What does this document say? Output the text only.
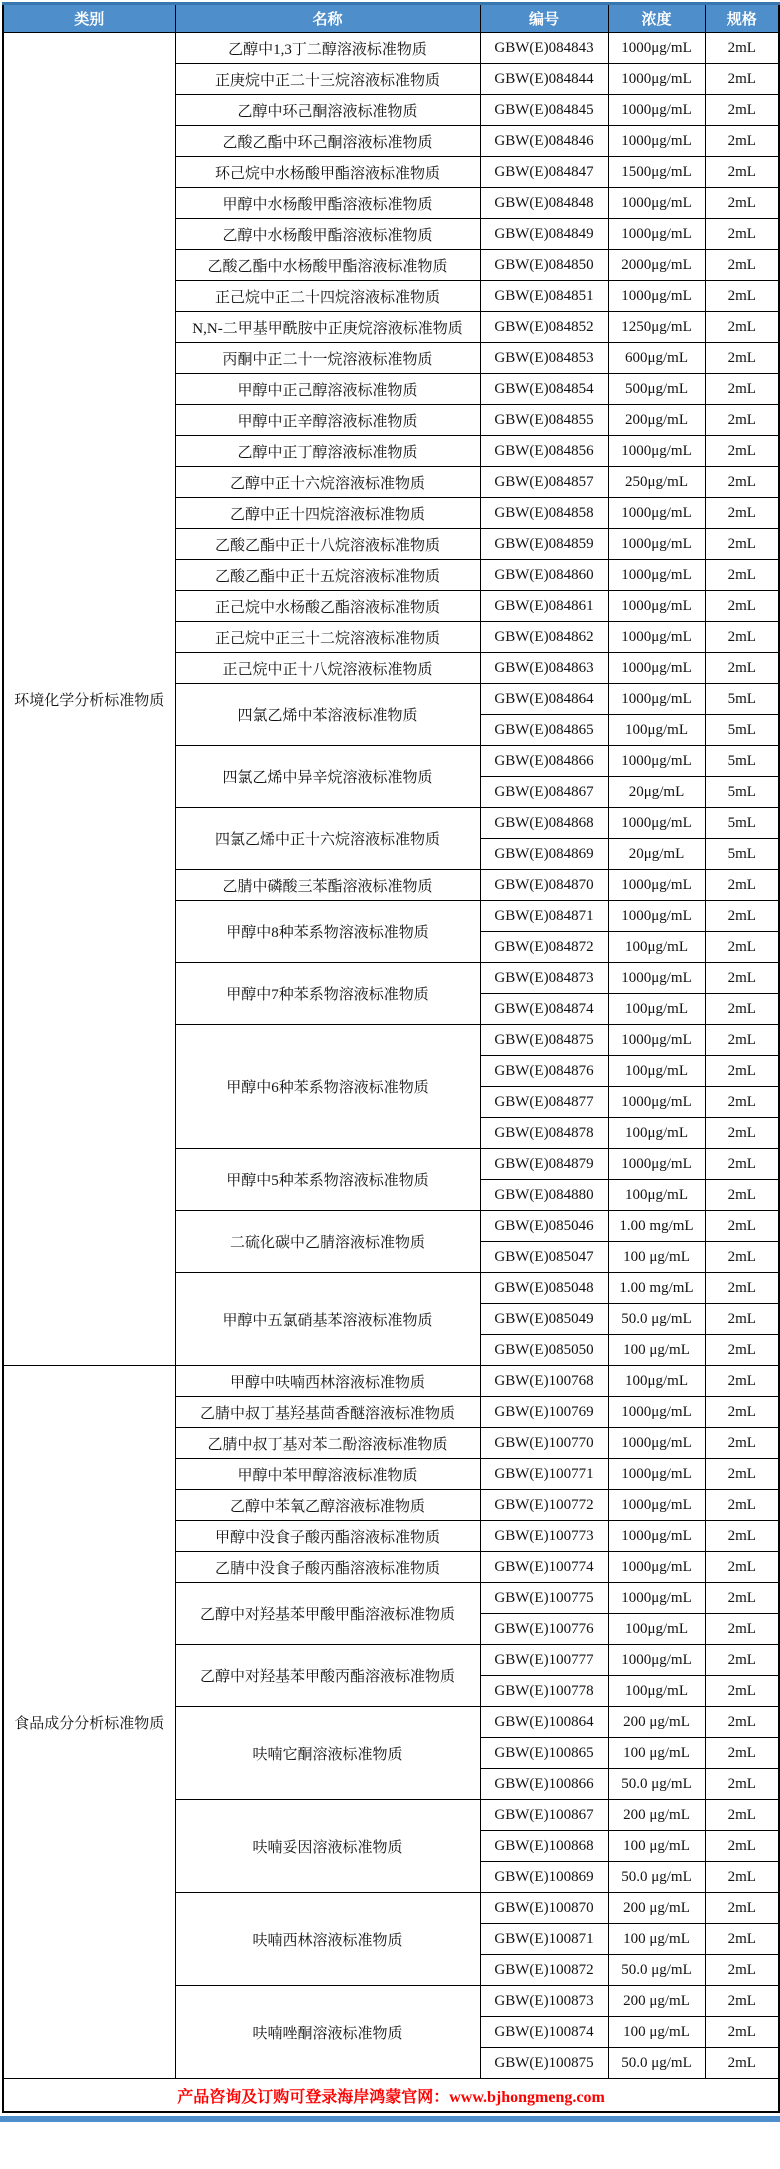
类别	名称	编号	浓度	规格
环境化学分析标准物质	乙醇中1,3丁二醇溶液标准物质	GBW(E)084843	1000μg/mL	2mL
	正庚烷中正二十三烷溶液标准物质	GBW(E)084844	1000μg/mL	2mL
	乙醇中环己酮溶液标准物质	GBW(E)084845	1000μg/mL	2mL
	乙酸乙酯中环己酮溶液标准物质	GBW(E)084846	1000μg/mL	2mL
	环己烷中水杨酸甲酯溶液标准物质	GBW(E)084847	1500μg/mL	2mL
	甲醇中水杨酸甲酯溶液标准物质	GBW(E)084848	1000μg/mL	2mL
	乙醇中水杨酸甲酯溶液标准物质	GBW(E)084849	1000μg/mL	2mL
	乙酸乙酯中水杨酸甲酯溶液标准物质	GBW(E)084850	2000μg/mL	2mL
	正己烷中正二十四烷溶液标准物质	GBW(E)084851	1000μg/mL	2mL
	N,N-二甲基甲酰胺中正庚烷溶液标准物质	GBW(E)084852	1250μg/mL	2mL
	丙酮中正二十一烷溶液标准物质	GBW(E)084853	600μg/mL	2mL
	甲醇中正己醇溶液标准物质	GBW(E)084854	500μg/mL	2mL
	甲醇中正辛醇溶液标准物质	GBW(E)084855	200μg/mL	2mL
	乙醇中正丁醇溶液标准物质	GBW(E)084856	1000μg/mL	2mL
	乙醇中正十六烷溶液标准物质	GBW(E)084857	250μg/mL	2mL
	乙醇中正十四烷溶液标准物质	GBW(E)084858	1000μg/mL	2mL
	乙酸乙酯中正十八烷溶液标准物质	GBW(E)084859	1000μg/mL	2mL
	乙酸乙酯中正十五烷溶液标准物质	GBW(E)084860	1000μg/mL	2mL
	正己烷中水杨酸乙酯溶液标准物质	GBW(E)084861	1000μg/mL	2mL
	正己烷中正三十二烷溶液标准物质	GBW(E)084862	1000μg/mL	2mL
	正己烷中正十八烷溶液标准物质	GBW(E)084863	1000μg/mL	2mL
	四氯乙烯中苯溶液标准物质	GBW(E)084864	1000μg/mL	5mL
		GBW(E)084865	100μg/mL	5mL
	四氯乙烯中异辛烷溶液标准物质	GBW(E)084866	1000μg/mL	5mL
		GBW(E)084867	20μg/mL	5mL
	四氯乙烯中正十六烷溶液标准物质	GBW(E)084868	1000μg/mL	5mL
		GBW(E)084869	20μg/mL	5mL
	乙腈中磷酸三苯酯溶液标准物质	GBW(E)084870	1000μg/mL	2mL
	甲醇中8种苯系物溶液标准物质	GBW(E)084871	1000μg/mL	2mL
		GBW(E)084872	100μg/mL	2mL
	甲醇中7种苯系物溶液标准物质	GBW(E)084873	1000μg/mL	2mL
		GBW(E)084874	100μg/mL	2mL
	甲醇中6种苯系物溶液标准物质	GBW(E)084875	1000μg/mL	2mL
		GBW(E)084876	100μg/mL	2mL
		GBW(E)084877	1000μg/mL	2mL
		GBW(E)084878	100μg/mL	2mL
	甲醇中5种苯系物溶液标准物质	GBW(E)084879	1000μg/mL	2mL
		GBW(E)084880	100μg/mL	2mL
	二硫化碳中乙腈溶液标准物质	GBW(E)085046	1.00 mg/mL	2mL
		GBW(E)085047	100 μg/mL	2mL
	甲醇中五氯硝基苯溶液标准物质	GBW(E)085048	1.00 mg/mL	2mL
		GBW(E)085049	50.0 μg/mL	2mL
		GBW(E)085050	100 μg/mL	2mL
食品成分分析标准物质	甲醇中呋喃西林溶液标准物质	GBW(E)100768	100μg/mL	2mL
	乙腈中叔丁基羟基茴香醚溶液标准物质	GBW(E)100769	1000μg/mL	2mL
	乙腈中叔丁基对苯二酚溶液标准物质	GBW(E)100770	1000μg/mL	2mL
	甲醇中苯甲醇溶液标准物质	GBW(E)100771	1000μg/mL	2mL
	乙醇中苯氧乙醇溶液标准物质	GBW(E)100772	1000μg/mL	2mL
	甲醇中没食子酸丙酯溶液标准物质	GBW(E)100773	1000μg/mL	2mL
	乙腈中没食子酸丙酯溶液标准物质	GBW(E)100774	1000μg/mL	2mL
	乙醇中对羟基苯甲酸甲酯溶液标准物质	GBW(E)100775	1000μg/mL	2mL
		GBW(E)100776	100μg/mL	2mL
	乙醇中对羟基苯甲酸丙酯溶液标准物质	GBW(E)100777	1000μg/mL	2mL
		GBW(E)100778	100μg/mL	2mL
	呋喃它酮溶液标准物质	GBW(E)100864	200 μg/mL	2mL
		GBW(E)100865	100 μg/mL	2mL
		GBW(E)100866	50.0 μg/mL	2mL
	呋喃妥因溶液标准物质	GBW(E)100867	200 μg/mL	2mL
		GBW(E)100868	100 μg/mL	2mL
		GBW(E)100869	50.0 μg/mL	2mL
	呋喃西林溶液标准物质	GBW(E)100870	200 μg/mL	2mL
		GBW(E)100871	100 μg/mL	2mL
		GBW(E)100872	50.0 μg/mL	2mL
	呋喃唑酮溶液标准物质	GBW(E)100873	200 μg/mL	2mL
		GBW(E)100874	100 μg/mL	2mL
		GBW(E)100875	50.0 μg/mL	2mL
产品咨询及订购可登录海岸鸿蒙官网：www.bjhongmeng.com				
